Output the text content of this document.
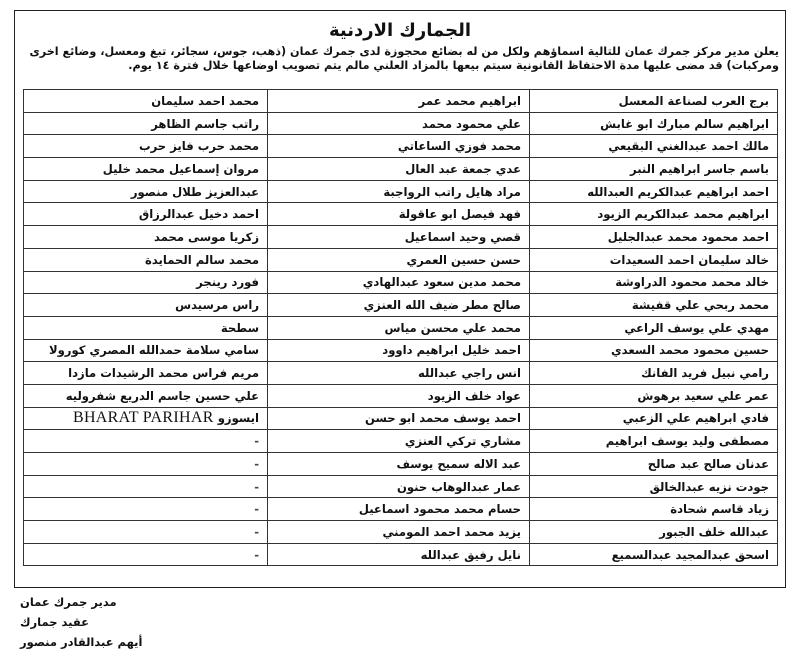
الجمارك الاردنية
يعلن مدير مركز جمرك عمان للتالية اسماؤهم ولكل من له بضائع محجوزة لدى جمرك عمان (ذهب، جوس، سجائر، تبغ ومعسل، وضائع اخرى ومركبات) قد مضى عليها مدة الاحتفاظ القانونية سيتم بيعها بالمزاد العلني مالم يتم تصويب اوضاعها خلال فترة ١٤ يوم.
برج العرب لصناعة المعسل	ابراهيم محمد عمر	محمد احمد سليمان
ابراهيم سالم مبارك ابو غابش	علي محمود محمد	راتب جاسم الظاهر
مالك احمد عبدالغني البقيعي	محمد فوزي الساعاتي	محمد حرب فايز حرب
باسم جاسر ابراهيم النبر	عدي جمعة عبد العال	مروان إسماعيل محمد خليل
احمد ابراهيم عبدالكريم العبدالله	مراد هايل راتب الرواجبة	عبدالعزيز طلال منصور
ابراهيم محمد عبدالكريم الزيود	فهد فيصل ابو عاقولة	احمد دخيل عبدالرزاق
احمد محمود محمد عبدالجليل	قصي وحيد اسماعيل	زكريا موسى محمد
خالد سليمان احمد السعيدات	حسن حسين العمري	محمد سالم الحمايدة
خالد محمد محمود الدراوشة	محمد مدين سعود عبدالهادي	فورد رينجر
محمد ربحي علي قفيشة	صالح مطر ضيف الله العنزي	راس مرسيدس
مهدي علي يوسف الراعي	محمد علي محسن مياس	سطحة
حسين محمود محمد السعدي	احمد خليل ابراهيم داوود	سامي سلامة حمدالله المصري كورولا
رامي نبيل فريد الفانك	انس راجي عبدالله	مريم فراس محمد الرشيدات مازدا
عمر علي سعيد برهوش	عواد خلف الزيود	علي حسين جاسم الدريع شفروليه
فادي ابراهيم علي الزعبي	احمد يوسف محمد ابو حسن	ايسوزو BHARAT PARIHAR
مصطفى وليد يوسف ابراهيم	مشاري تركي العنزي	-
عدنان صالح عبد صالح	عبد الاله سميح يوسف	-
جودت نزيه عبدالخالق	عمار عبدالوهاب حنون	-
زياد قاسم شحادة	حسام محمد محمود اسماعيل	-
عبدالله خلف الجبور	يزيد محمد احمد المومني	-
اسحق عبدالمجيد عبدالسميع	نايل رفيق عبدالله	-
مدير جمرك عمان
عقيد جمارك
أيهم عبدالقادر منصور
